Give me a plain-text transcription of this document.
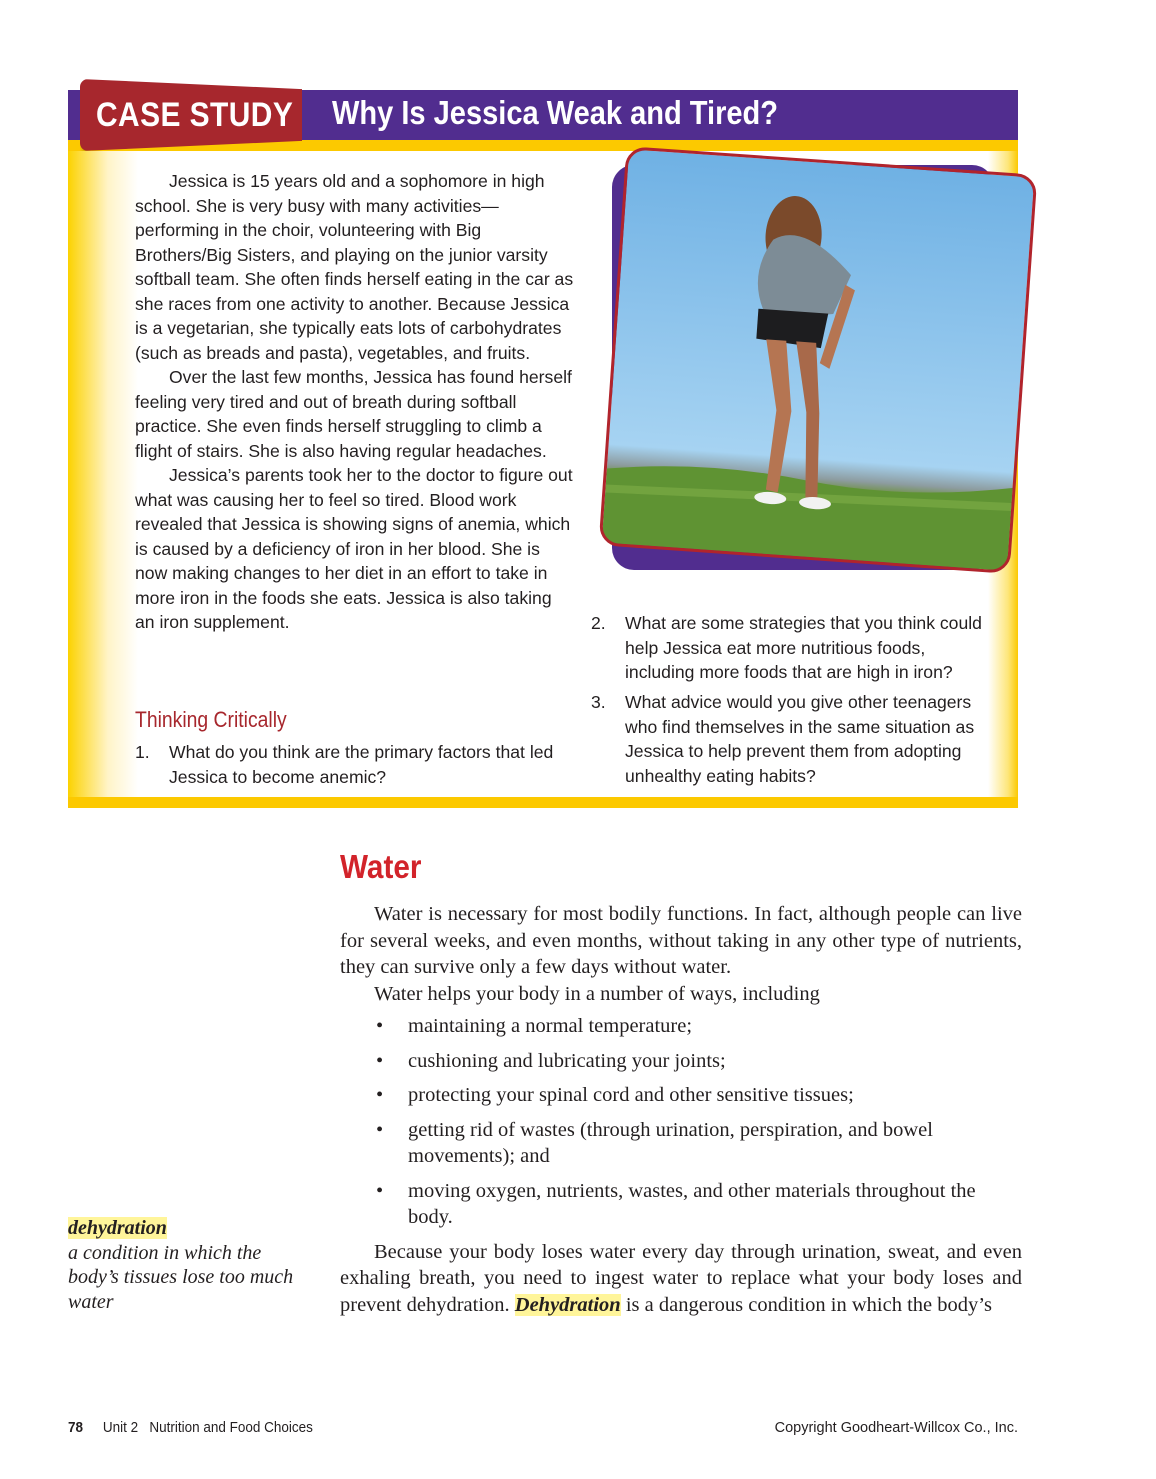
CASE STUDY Why Is Jessica Weak and Tired?

Jessica is 15 years old and a sophomore in high school. She is very busy with many activities—performing in the choir, volunteering with Big Brothers/Big Sisters, and playing on the junior varsity softball team. She often finds herself eating in the car as she races from one activity to another. Because Jessica is a vegetarian, she typically eats lots of carbohydrates (such as breads and pasta), vegetables, and fruits.

Over the last few months, Jessica has found herself feeling very tired and out of breath during softball practice. She even finds herself struggling to climb a flight of stairs. She is also having regular headaches.

Jessica’s parents took her to the doctor to figure out what was causing her to feel so tired. Blood work revealed that Jessica is showing signs of anemia, which is caused by a deficiency of iron in her blood. She is now making changes to her diet in an effort to take in more iron in the foods she eats. Jessica is also taking an iron supplement.

Thinking Critically
1.	What do you think are the primary factors that led Jessica to become anemic?
2.	What are some strategies that you think could help Jessica eat more nutritious foods, including more foods that are high in iron?
3.	What advice would you give other teenagers who find themselves in the same situation as Jessica to help prevent them from adopting unhealthy eating habits?
Water

Water is necessary for most bodily functions. In fact, although people can live for several weeks, and even months, without taking in any other type of nutrients, they can survive only a few days without water.

Water helps your body in a number of ways, including

• maintaining a normal temperature;
• cushioning and lubricating your joints;
• protecting your spinal cord and other sensitive tissues;
• getting rid of wastes (through urination, perspiration, and bowel movements); and
• moving oxygen, nutrients, wastes, and other materials throughout the body.

Because your body loses water every day through urination, sweat, and even exhaling breath, you need to ingest water to replace what your body loses and prevent dehydration. Dehydration is a dangerous condition in which the body’s

dehydration
a condition in which the body’s tissues lose too much water
78 Unit 2   Nutrition and Food Choices	Copyright Goodheart-Willcox Co., Inc.
